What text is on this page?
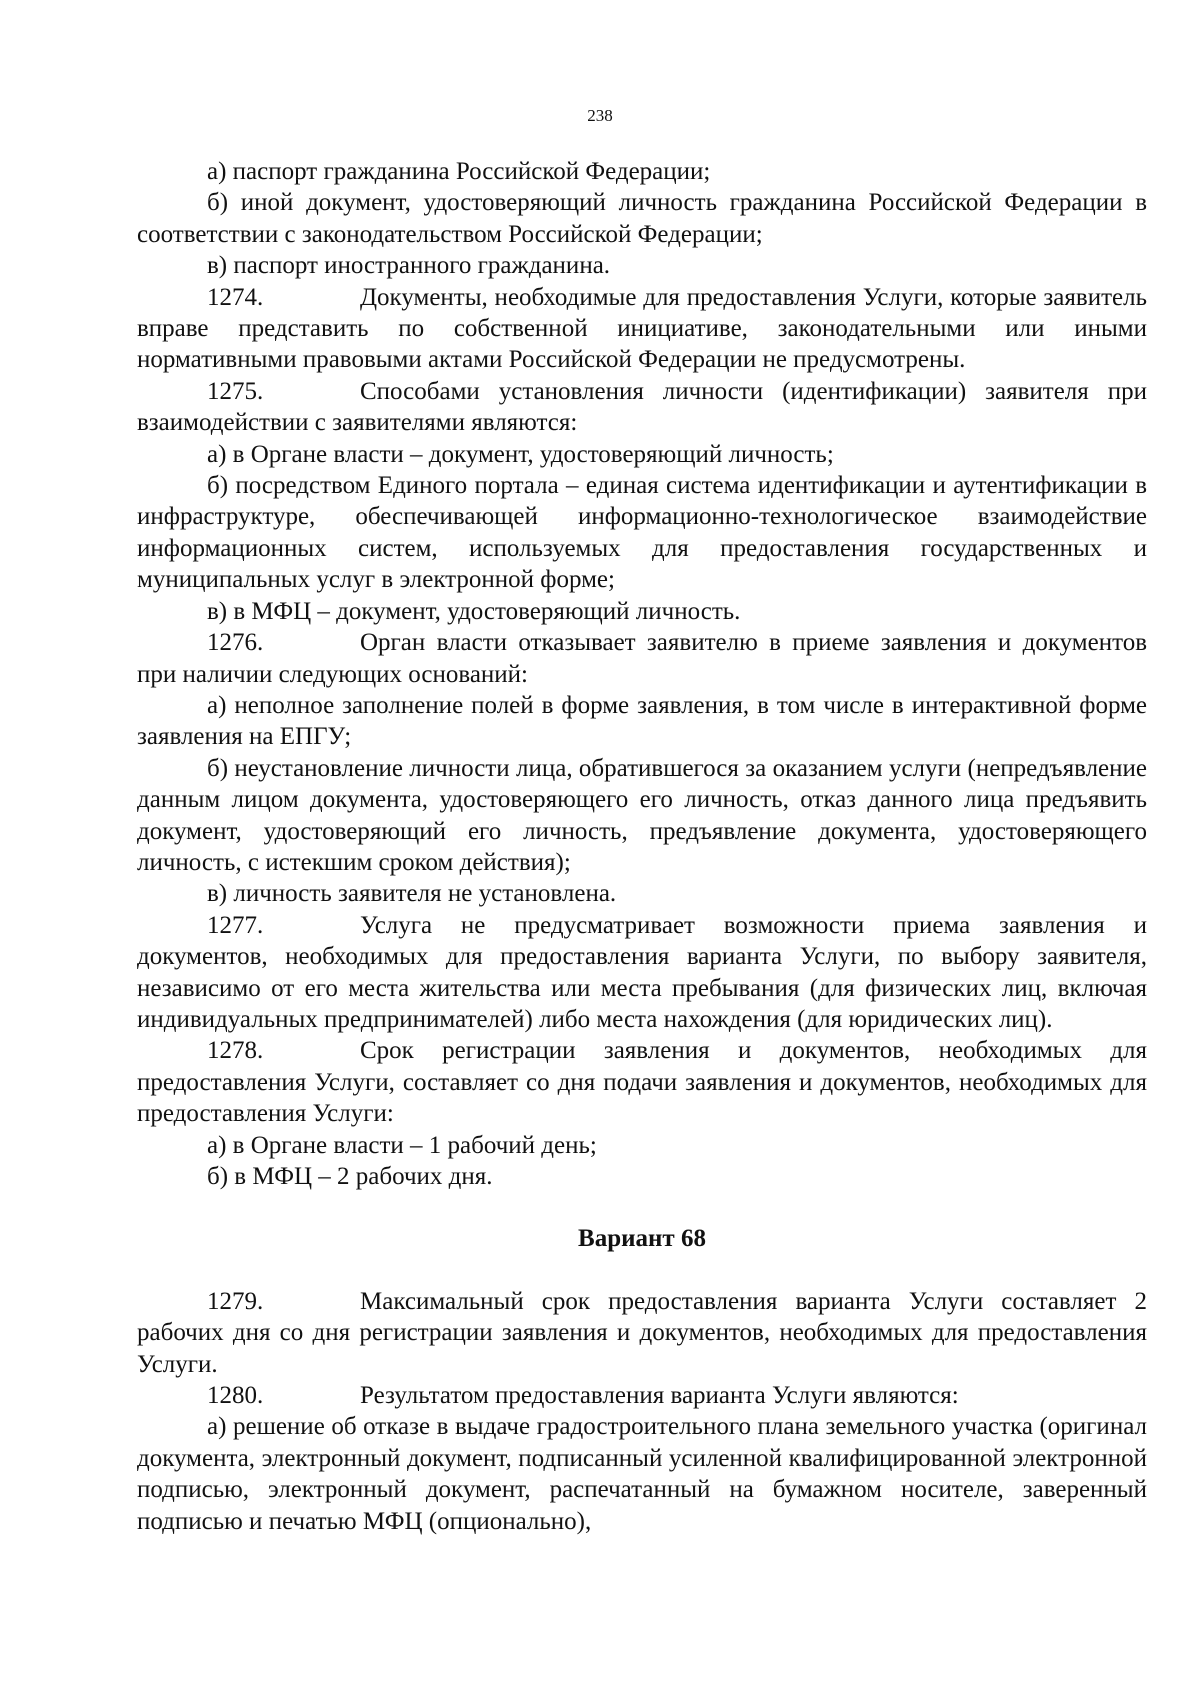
238

а) паспорт гражданина Российской Федерации;

б) иной документ, удостоверяющий личность гражданина Российской Федерации в соответствии с законодательством Российской Федерации;

в) паспорт иностранного гражданина.

1274.	Документы, необходимые для предоставления Услуги, которые заявитель вправе представить по собственной инициативе, законодательными или иными нормативными правовыми актами Российской Федерации не предусмотрены.

1275.	Способами установления личности (идентификации) заявителя при взаимодействии с заявителями являются:

а) в Органе власти – документ, удостоверяющий личность;

б) посредством Единого портала – единая система идентификации и аутентификации в инфраструктуре, обеспечивающей информационно-технологическое взаимодействие информационных систем, используемых для предоставления государственных и муниципальных услуг в электронной форме;

в) в МФЦ – документ, удостоверяющий личность.

1276.	Орган власти отказывает заявителю в приеме заявления и документов при наличии следующих оснований:

а) неполное заполнение полей в форме заявления, в том числе в интерактивной форме заявления на ЕПГУ;

б) неустановление личности лица, обратившегося за оказанием услуги (непредъявление данным лицом документа, удостоверяющего его личность, отказ данного лица предъявить документ, удостоверяющий его личность, предъявление документа, удостоверяющего личность, с истекшим сроком действия);

в) личность заявителя не установлена.

1277.	Услуга не предусматривает возможности приема заявления и документов, необходимых для предоставления варианта Услуги, по выбору заявителя, независимо от его места жительства или места пребывания (для физических лиц, включая индивидуальных предпринимателей) либо места нахождения (для юридических лиц).

1278.	Срок регистрации заявления и документов, необходимых для предоставления Услуги, составляет со дня подачи заявления и документов, необходимых для предоставления Услуги:

а) в Органе власти – 1 рабочий день;

б) в МФЦ – 2 рабочих дня.

Вариант 68

1279.	Максимальный срок предоставления варианта Услуги составляет 2 рабочих дня со дня регистрации заявления и документов, необходимых для предоставления Услуги.

1280.	Результатом предоставления варианта Услуги являются:

а) решение об отказе в выдаче градостроительного плана земельного участка (оригинал документа, электронный документ, подписанный усиленной квалифицированной электронной подписью, электронный документ, распечатанный на бумажном носителе, заверенный подписью и печатью МФЦ (опционально),
